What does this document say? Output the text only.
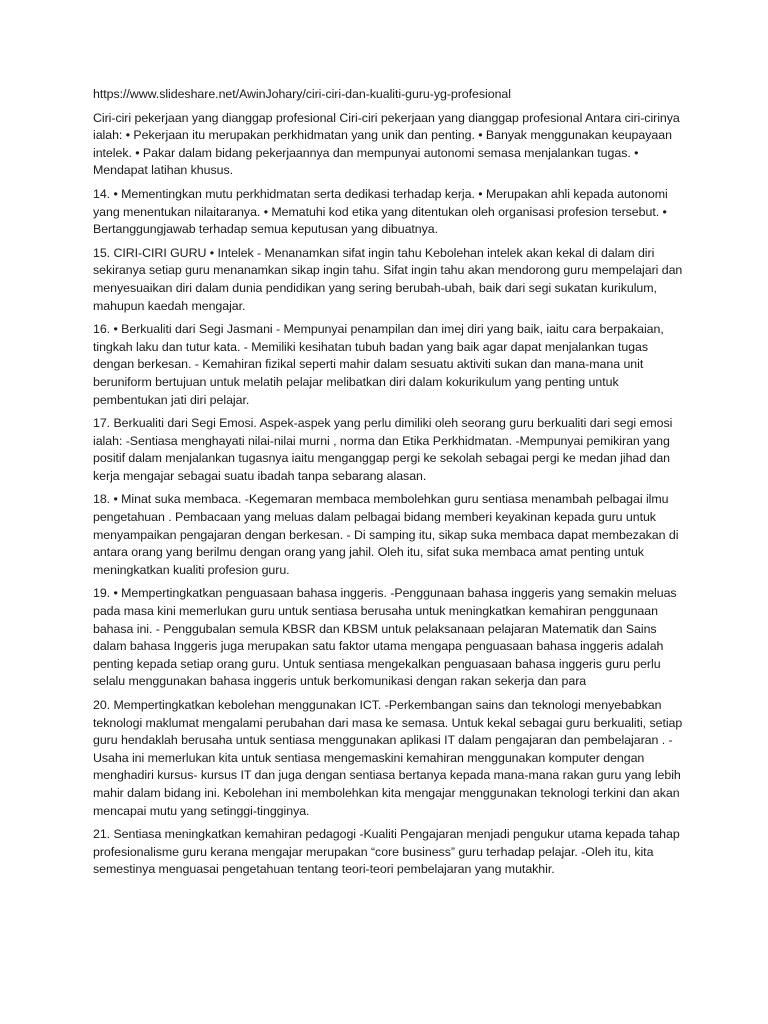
https://www.slideshare.net/AwinJohary/ciri-ciri-dan-kualiti-guru-yg-profesional

Ciri-ciri pekerjaan yang dianggap profesional Ciri-ciri pekerjaan yang dianggap profesional Antara ciri-cirinya ialah: • Pekerjaan itu merupakan perkhidmatan yang unik dan penting. • Banyak menggunakan keupayaan intelek. • Pakar dalam bidang pekerjaannya dan mempunyai autonomi semasa menjalankan tugas. • Mendapat latihan khusus.

14. • Mementingkan mutu perkhidmatan serta dedikasi terhadap kerja. • Merupakan ahli kepada autonomi yang menentukan nilaitaranya. • Mematuhi kod etika yang ditentukan oleh organisasi profesion tersebut. • Bertanggungjawab terhadap semua keputusan yang dibuatnya.

15. CIRI-CIRI GURU • Intelek - Menanamkan sifat ingin tahu Kebolehan intelek akan kekal di dalam diri sekiranya setiap guru menanamkan sikap ingin tahu. Sifat ingin tahu akan mendorong guru mempelajari dan menyesuaikan diri dalam dunia pendidikan yang sering berubah-ubah, baik dari segi sukatan kurikulum, mahupun kaedah mengajar.

16. • Berkualiti dari Segi Jasmani - Mempunyai penampilan dan imej diri yang baik, iaitu cara berpakaian, tingkah laku dan tutur kata. - Memiliki kesihatan tubuh badan yang baik agar dapat menjalankan tugas dengan berkesan. - Kemahiran fizikal seperti mahir dalam sesuatu aktiviti sukan dan mana-mana unit beruniform bertujuan untuk melatih pelajar melibatkan diri dalam kokurikulum yang penting untuk pembentukan jati diri pelajar.

17. Berkualiti dari Segi Emosi. Aspek-aspek yang perlu dimiliki oleh seorang guru berkualiti dari segi emosi ialah: -Sentiasa menghayati nilai-nilai murni , norma dan Etika Perkhidmatan. -Mempunyai pemikiran yang positif dalam menjalankan tugasnya iaitu menganggap pergi ke sekolah sebagai pergi ke medan jihad dan kerja mengajar sebagai suatu ibadah tanpa sebarang alasan.

18. • Minat suka membaca. -Kegemaran membaca membolehkan guru sentiasa menambah pelbagai ilmu pengetahuan . Pembacaan yang meluas dalam pelbagai bidang memberi keyakinan kepada guru untuk menyampaikan pengajaran dengan berkesan. - Di samping itu, sikap suka membaca dapat membezakan di antara orang yang berilmu dengan orang yang jahil. Oleh itu, sifat suka membaca amat penting untuk meningkatkan kualiti profesion guru.

19. • Mempertingkatkan penguasaan bahasa inggeris. -Penggunaan bahasa inggeris yang semakin meluas pada masa kini memerlukan guru untuk sentiasa berusaha untuk meningkatkan kemahiran penggunaan bahasa ini. - Penggubalan semula KBSR dan KBSM untuk pelaksanaan pelajaran Matematik dan Sains dalam bahasa Inggeris juga merupakan satu faktor utama mengapa penguasaan bahasa inggeris adalah penting kepada setiap orang guru. Untuk sentiasa mengekalkan penguasaan bahasa inggeris guru perlu selalu menggunakan bahasa inggeris untuk berkomunikasi dengan rakan sekerja dan para

20. Mempertingkatkan kebolehan menggunakan ICT. -Perkembangan sains dan teknologi menyebabkan teknologi maklumat mengalami perubahan dari masa ke semasa. Untuk kekal sebagai guru berkualiti, setiap guru hendaklah berusaha untuk sentiasa menggunakan aplikasi IT dalam pengajaran dan pembelajaran . -Usaha ini memerlukan kita untuk sentiasa mengemaskini kemahiran menggunakan komputer dengan menghadiri kursus- kursus IT dan juga dengan sentiasa bertanya kepada mana-mana rakan guru yang lebih mahir dalam bidang ini. Kebolehan ini membolehkan kita mengajar menggunakan teknologi terkini dan akan mencapai mutu yang setinggi-tingginya.

21. Sentiasa meningkatkan kemahiran pedagogi -Kualiti Pengajaran menjadi pengukur utama kepada tahap profesionalisme guru kerana mengajar merupakan “core business” guru terhadap pelajar. -Oleh itu, kita semestinya menguasai pengetahuan tentang teori-teori pembelajaran yang mutakhir.
